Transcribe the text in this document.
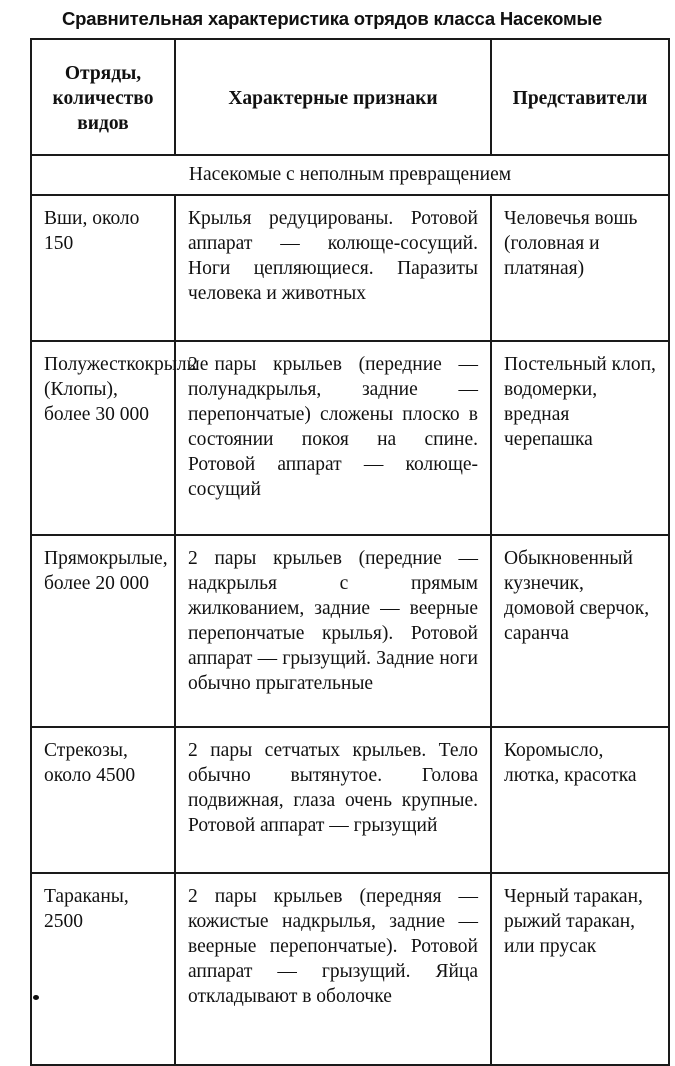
Сравнительная характеристика отрядов класса Насекомые
Отряды, количество видов	Характерные признаки	Представители
Насекомые с неполным превращением		
Вши, около 150	Крылья редуцированы. Ротовой аппарат — колюще-сосущий. Ноги цепляющиеся. Паразиты человека и животных	Человечья вошь (головная и платяная)
Полужесткокрылые (Клопы), более 30 000	2 пары крыльев (передние — полунадкрылья, задние — перепончатые) сложены плоско в состоянии покоя на спине. Ротовой аппарат — колюще-сосущий	Постельный клоп, водомерки, вредная черепашка
Прямокрылые, более 20 000	2 пары крыльев (передние — надкрылья с прямым жилкованием, задние — веерные перепончатые крылья). Ротовой аппарат — грызущий. Задние ноги обычно прыгательные	Обыкновенный кузнечик, домовой сверчок, саранча
Стрекозы, около 4500	2 пары сетчатых крыльев. Тело обычно вытянутое. Голова подвижная, глаза очень крупные. Ротовой аппарат — грызущий	Коромысло, лютка, красотка
Тараканы, 2500	2 пары крыльев (передняя — кожистые надкрылья, задние — веерные перепончатые). Ротовой аппарат — грызущий. Яйца откладывают в оболочке	Черный таракан, рыжий таракан, или прусак
